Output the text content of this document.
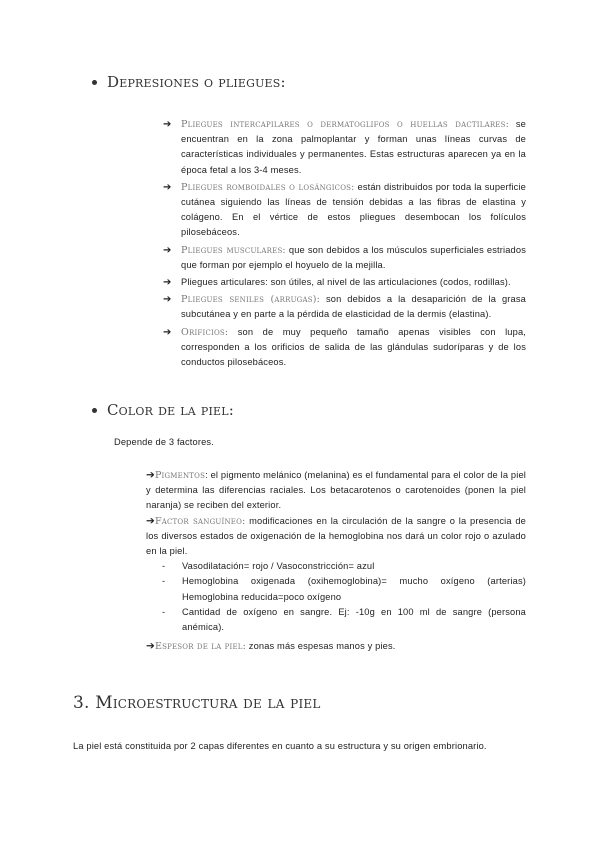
Depresiones o pliegues:
➔ Pliegues intercapilares o dermatoglifos o huellas dactilares: se encuentran en la zona palmoplantar y forman unas líneas curvas de características individuales y permanentes. Estas estructuras aparecen ya en la época fetal a los 3-4 meses.
➔ Pliegues romboidales o losángicos: están distribuidos por toda la superficie cutánea siguiendo las líneas de tensión debidas a las fibras de elastina y colágeno. En el vértice de estos pliegues desembocan los folículos pilosebáceos.
➔ Pliegues musculares: que son debidos a los músculos superficiales estriados que forman por ejemplo el hoyuelo de la mejilla.
➔ Pliegues articulares: son útiles, al nivel de las articulaciones (codos, rodillas).
➔ Pliegues seniles (arrugas): son debidos a la desaparición de la grasa subcutánea y en parte a la pérdida de elasticidad de la dermis (elastina).
➔ Orificios: son de muy pequeño tamaño apenas visibles con lupa, corresponden a los orificios de salida de las glándulas sudoríparas y de los conductos pilosebáceos.
Color de la piel:
Depende de 3 factores.

➔Pigmentos: el pigmento melánico (melanina) es el fundamental para el color de la piel y determina las diferencias raciales. Los betacarotenos o carotenoides (ponen la piel naranja) se reciben del exterior.

➔Factor sanguíneo: modificaciones en la circulación de la sangre o la presencia de los diversos estados de oxigenación de la hemoglobina nos dará un color rojo o azulado en la piel.

- Vasodilatación= rojo / Vasoconstricción= azul
- Hemoglobina oxigenada (oxihemoglobina)= mucho oxígeno (arterias) Hemoglobina reducida=poco oxígeno
- Cantidad de oxígeno en sangre. Ej: -10g en 100 ml de sangre (persona anémica).

➔Espesor de la piel: zonas más espesas manos y pies.

3. Microestructura de la piel
La piel está constituida por 2 capas diferentes en cuanto a su estructura y su origen embrionario.
